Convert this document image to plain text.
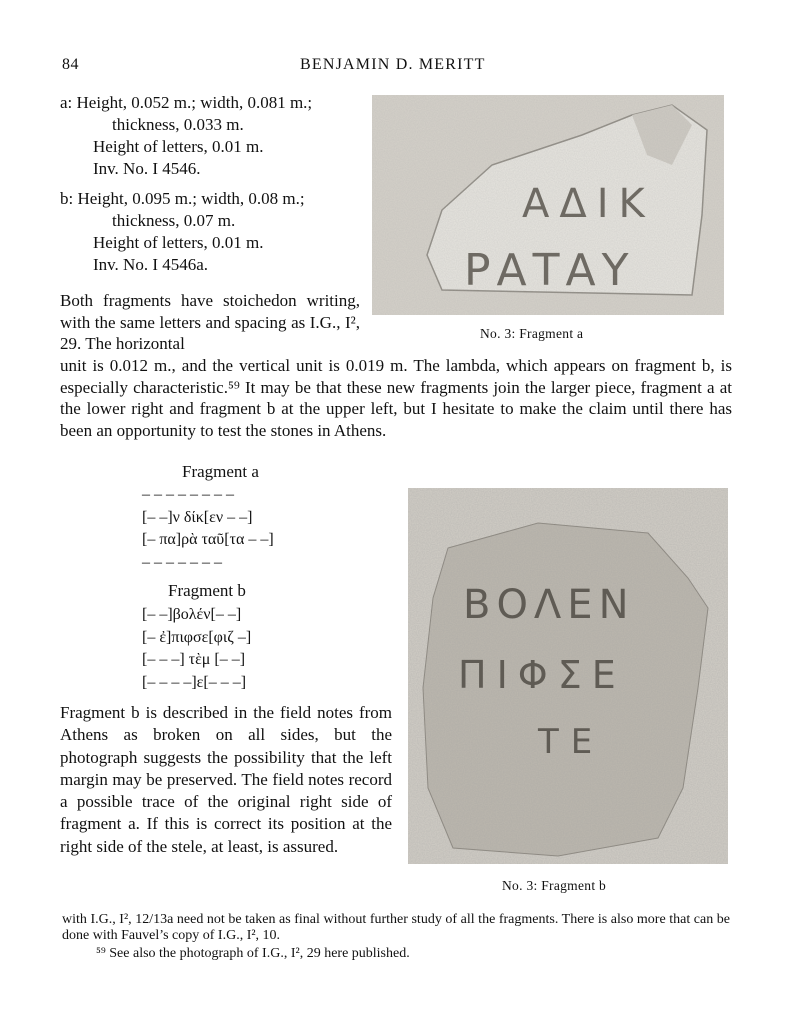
84	BENJAMIN D. MERITT
a: Height, 0.052 m.; width, 0.081 m.;
thickness, 0.033 m.
Height of letters, 0.01 m.
Inv. No. I 4546.
b: Height, 0.095 m.; width, 0.08 m.;
thickness, 0.07 m.
Height of letters, 0.01 m.
Inv. No. I 4546a.
ΑΔΙΚ
ΡΑΤΑΥ
No. 3: Fragment a
Both fragments have stoichedon writing, with the same letters and spacing as I.G., I², 29. The horizontal
unit is 0.012 m., and the vertical unit is 0.019 m. The lambda, which appears on fragment b, is especially characteristic.⁵⁹ It may be that these new fragments join the larger piece, fragment a at the lower right and fragment b at the upper left, but I hesitate to make the claim until there has been an opportunity to test the stones in Athens.
Fragment a
– – – – – – – –
[– –]ν δίκ[εν – –]
[– πα]ρὰ ταῦ[τα – –]
– – – – – – –
Fragment b
[– –]βολέν[– –]
[– ἐ]πιφσε[φιζ –]
[– – –] τὲμ [– –]
[– – – –]ε[– – –]
ΒΟΛΕΝ
ΠΙΦΣΕ
ΤΕ
No. 3: Fragment b
Fragment b is described in the field notes from Athens as broken on all sides, but the photograph suggests the possibility that the left margin may be preserved. The field notes record a possible trace of the original right side of fragment a. If this is correct its position at the right side of the stele, at least, is assured.
with I.G., I², 12/13a need not be taken as final without further study of all the fragments. There is also more that can be done with Fauvel’s copy of I.G., I², 10.
⁵⁹ See also the photograph of I.G., I², 29 here published.
